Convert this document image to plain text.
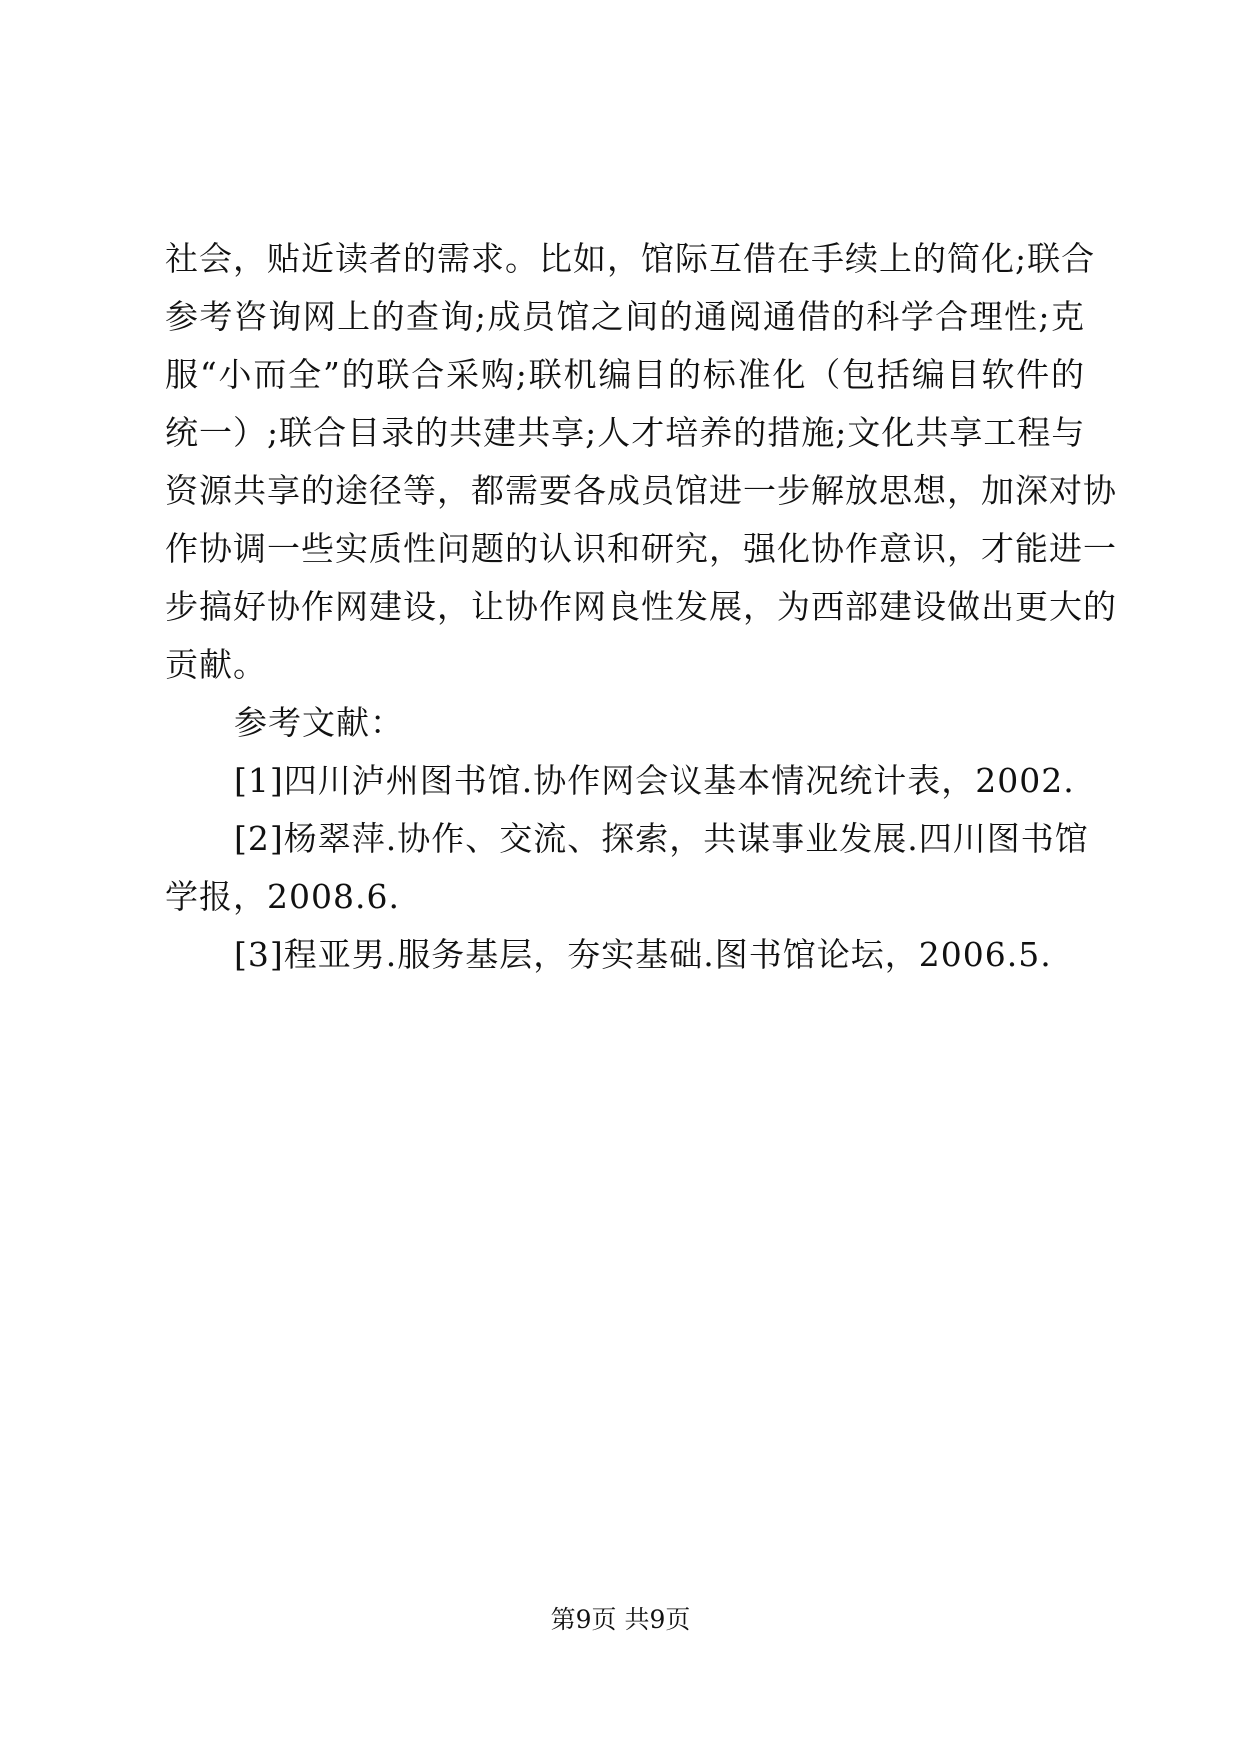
社会，贴近读者的需求。比如，馆际互借在手续上的简化;联合
参考咨询网上的查询;成员馆之间的通阅通借的科学合理性;克
服“小而全”的联合采购;联机编目的标准化（包括编目软件的
统一）;联合目录的共建共享;人才培养的措施;文化共享工程与
资源共享的途径等，都需要各成员馆进一步解放思想，加深对协
作协调一些实质性问题的认识和研究，强化协作意识，才能进一
步搞好协作网建设，让协作网良性发展，为西部建设做出更大的
贡献。
参考文献：
[1]四川泸州图书馆.协作网会议基本情况统计表，2002.
[2]杨翠萍.协作、交流、探索，共谋事业发展.四川图书馆
学报，2008.6.
[3]程亚男.服务基层，夯实基础.图书馆论坛，2006.5.
第9页 共9页
